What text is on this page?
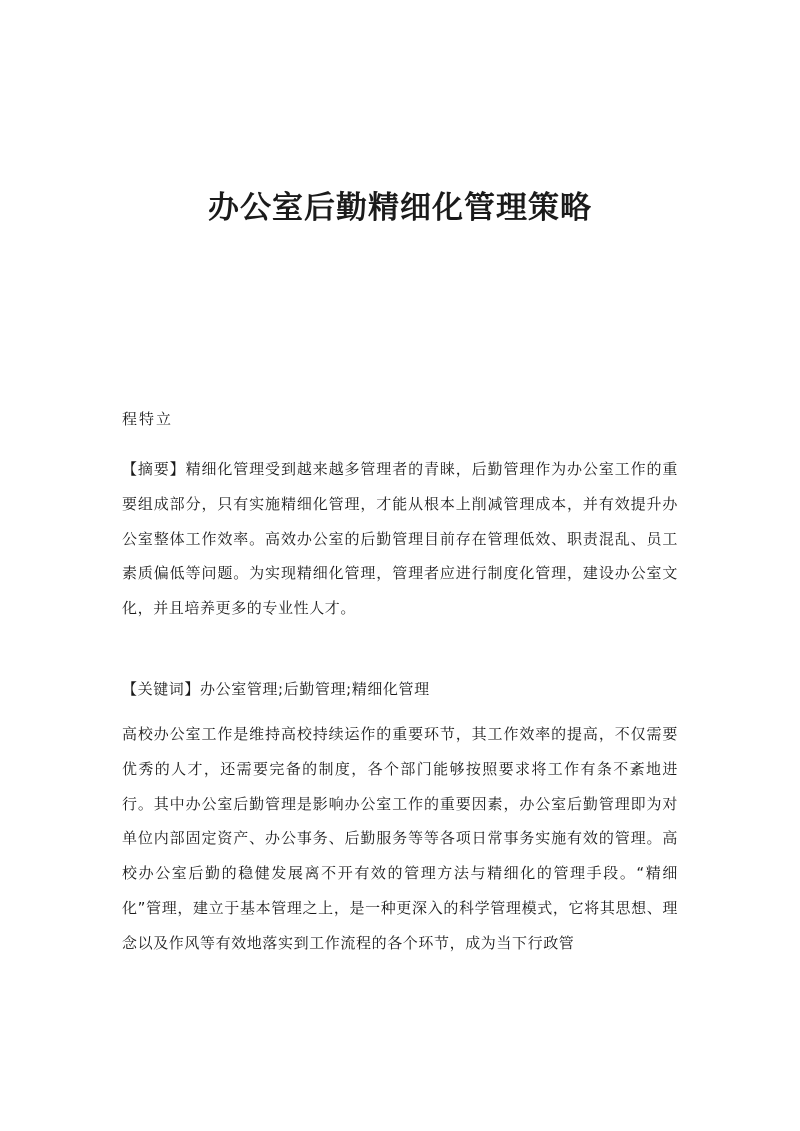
办公室后勤精细化管理策略

程特立

【摘要】精细化管理受到越来越多管理者的青睐，后勤管理作为办公室工作的重要组成部分，只有实施精细化管理，才能从根本上削减管理成本，并有效提升办公室整体工作效率。高效办公室的后勤管理目前存在管理低效、职责混乱、员工素质偏低等问题。为实现精细化管理，管理者应进行制度化管理，建设办公室文化，并且培养更多的专业性人才。

【关键词】办公室管理;后勤管理;精细化管理

高校办公室工作是维持高校持续运作的重要环节，其工作效率的提高，不仅需要优秀的人才，还需要完备的制度，各个部门能够按照要求将工作有条不紊地进行。其中办公室后勤管理是影响办公室工作的重要因素，办公室后勤管理即为对单位内部固定资产、办公事务、后勤服务等等各项日常事务实施有效的管理。高校办公室后勤的稳健发展离不开有效的管理方法与精细化的管理手段。“精细化”管理，建立于基本管理之上，是一种更深入的科学管理模式，它将其思想、理念以及作风等有效地落实到工作流程的各个环节，成为当下行政管
